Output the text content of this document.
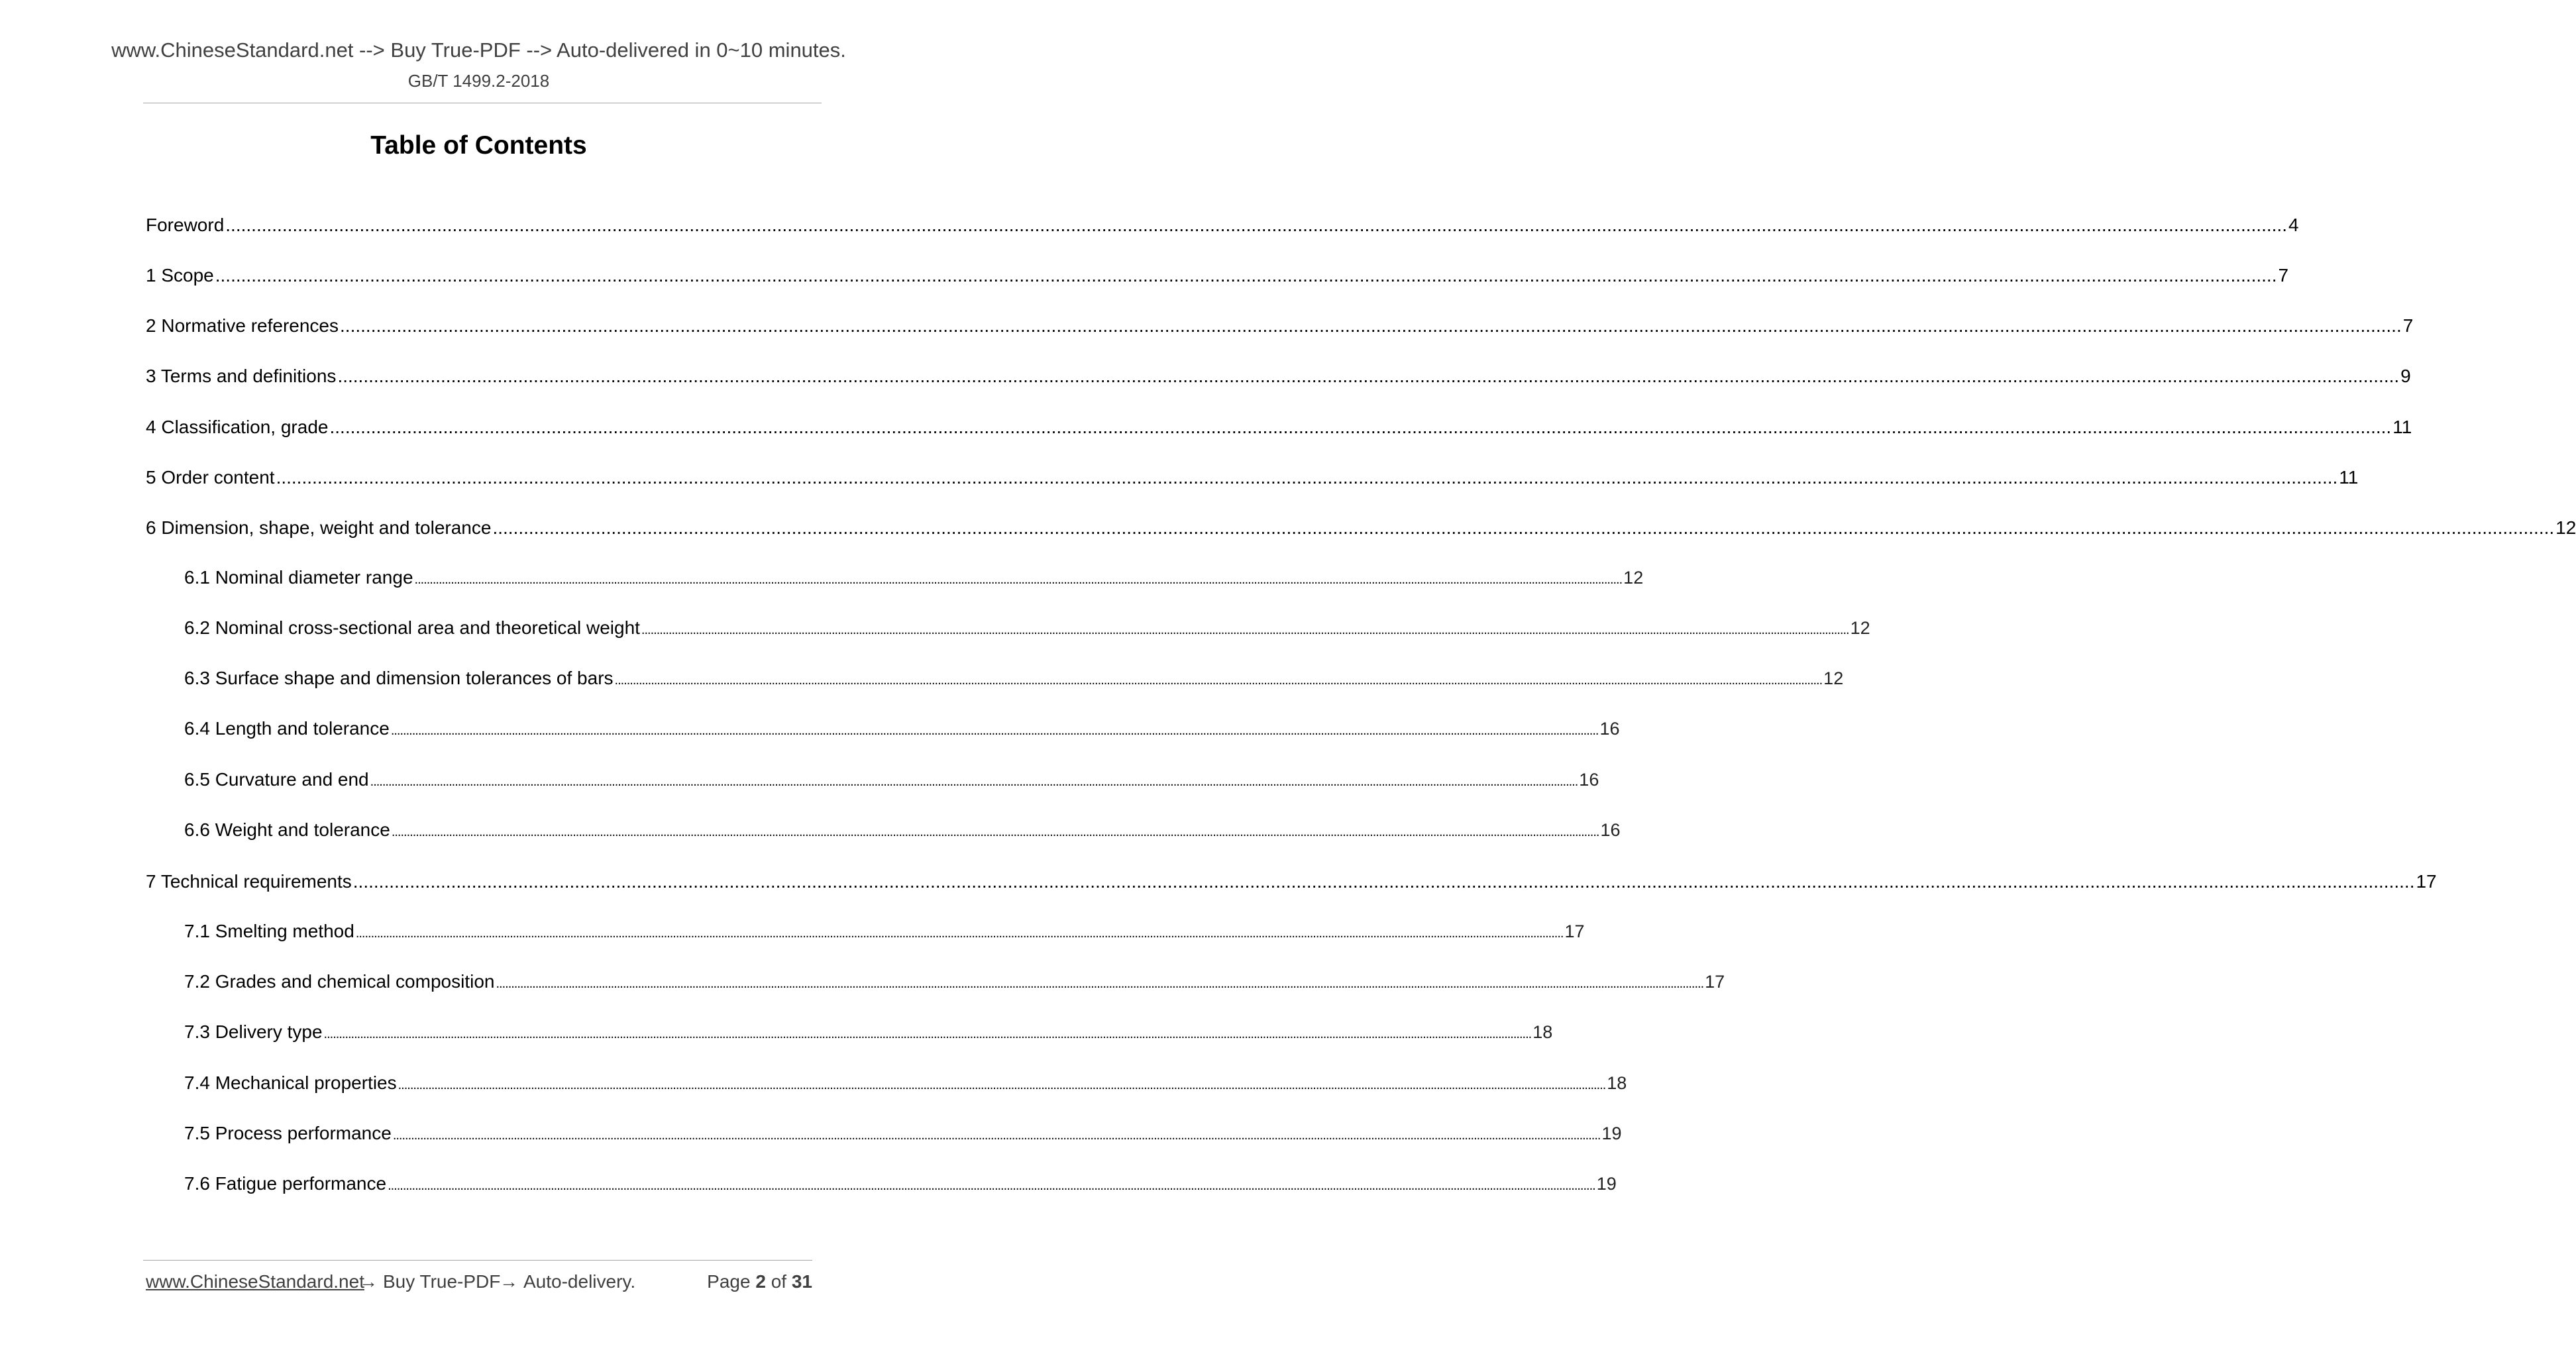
www.ChineseStandard.net --> Buy True-PDF --> Auto-delivered in 0~10 minutes.
GB/T 1499.2-2018
Table of Contents
Foreword ................................................................................................................................................................................................................................................................................................................................................................................................................ 4
1 Scope ................................................................................................................................................................................................................................................................................................................................................................................................................ 7
2 Normative references ................................................................................................................................................................................................................................................................................................................................................................................................................ 7
3 Terms and definitions ................................................................................................................................................................................................................................................................................................................................................................................................................ 9
4 Classification, grade ................................................................................................................................................................................................................................................................................................................................................................................................................ 11
5 Order content ................................................................................................................................................................................................................................................................................................................................................................................................................ 11
6 Dimension, shape, weight and tolerance ................................................................................................................................................................................................................................................................................................................................................................................................................ 12
6.1 Nominal diameter range ................................................................................................................................................................................................................................................................................................................................................................................................................ 12
6.2 Nominal cross-sectional area and theoretical weight ................................................................................................................................................................................................................................................................................................................................................................................................................ 12
6.3 Surface shape and dimension tolerances of bars ................................................................................................................................................................................................................................................................................................................................................................................................................ 12
6.4 Length and tolerance ................................................................................................................................................................................................................................................................................................................................................................................................................ 16
6.5 Curvature and end ................................................................................................................................................................................................................................................................................................................................................................................................................ 16
6.6 Weight and tolerance ................................................................................................................................................................................................................................................................................................................................................................................................................ 16
7 Technical requirements ................................................................................................................................................................................................................................................................................................................................................................................................................ 17
7.1 Smelting method ................................................................................................................................................................................................................................................................................................................................................................................................................ 17
7.2 Grades and chemical composition ................................................................................................................................................................................................................................................................................................................................................................................................................ 17
7.3 Delivery type ................................................................................................................................................................................................................................................................................................................................................................................................................ 18
7.4 Mechanical properties ................................................................................................................................................................................................................................................................................................................................................................................................................ 18
7.5 Process performance ................................................................................................................................................................................................................................................................................................................................................................................................................ 19
7.6 Fatigue performance ................................................................................................................................................................................................................................................................................................................................................................................................................ 19
www.ChineseStandard.net
→ Buy True-PDF
→ Auto-delivery.	Page 2 of 31
